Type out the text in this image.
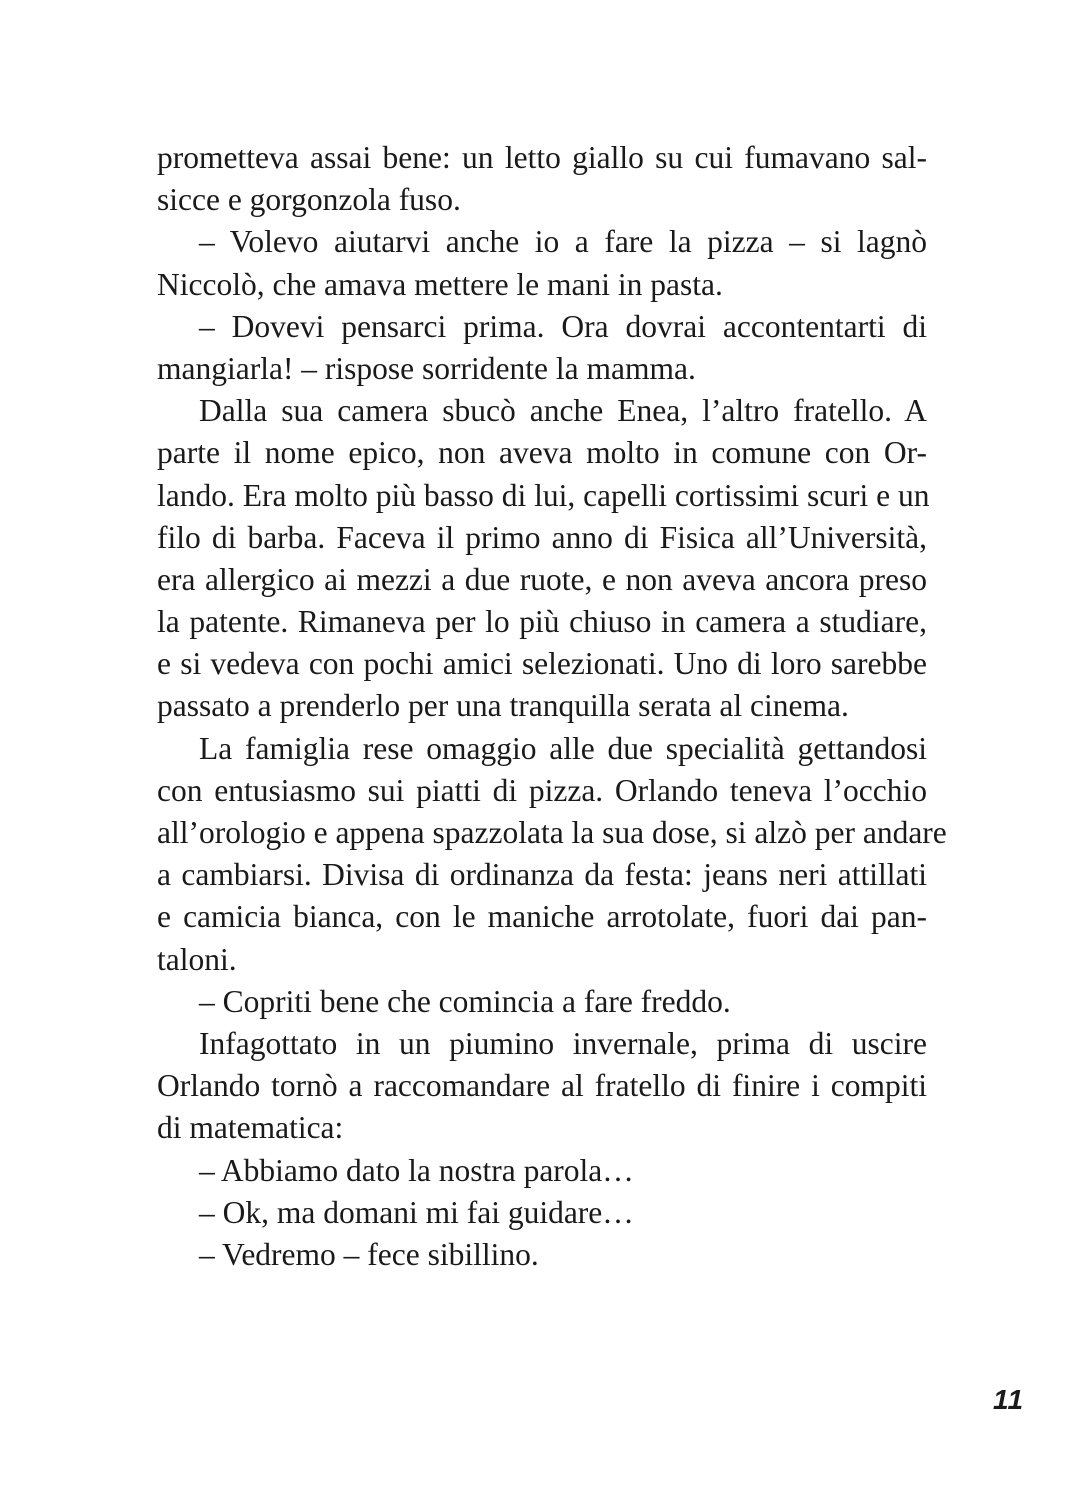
prometteva assai bene: un letto giallo su cui fumavano sal-
sicce e gorgonzola fuso.
– Volevo aiutarvi anche io a fare la pizza – si lagnò
Niccolò, che amava mettere le mani in pasta.
– Dovevi pensarci prima. Ora dovrai accontentarti di
mangiarla! – rispose sorridente la mamma.
Dalla sua camera sbucò anche Enea, l’altro fratello. A
parte il nome epico, non aveva molto in comune con Or-
lando. Era molto più basso di lui, capelli cortissimi scuri e un
filo di barba. Faceva il primo anno di Fisica all’Università,
era allergico ai mezzi a due ruote, e non aveva ancora preso
la patente. Rimaneva per lo più chiuso in camera a studiare,
e si vedeva con pochi amici selezionati. Uno di loro sarebbe
passato a prenderlo per una tranquilla serata al cinema.
La famiglia rese omaggio alle due specialità gettandosi
con entusiasmo sui piatti di pizza. Orlando teneva l’occhio
all’orologio e appena spazzolata la sua dose, si alzò per andare
a cambiarsi. Divisa di ordinanza da festa: jeans neri attillati
e camicia bianca, con le maniche arrotolate, fuori dai pan-
taloni.
– Copriti bene che comincia a fare freddo.
Infagottato in un piumino invernale, prima di uscire
Orlando tornò a raccomandare al fratello di finire i compiti
di matematica:
– Abbiamo dato la nostra parola…
– Ok, ma domani mi fai guidare…
– Vedremo – fece sibillino.
11
